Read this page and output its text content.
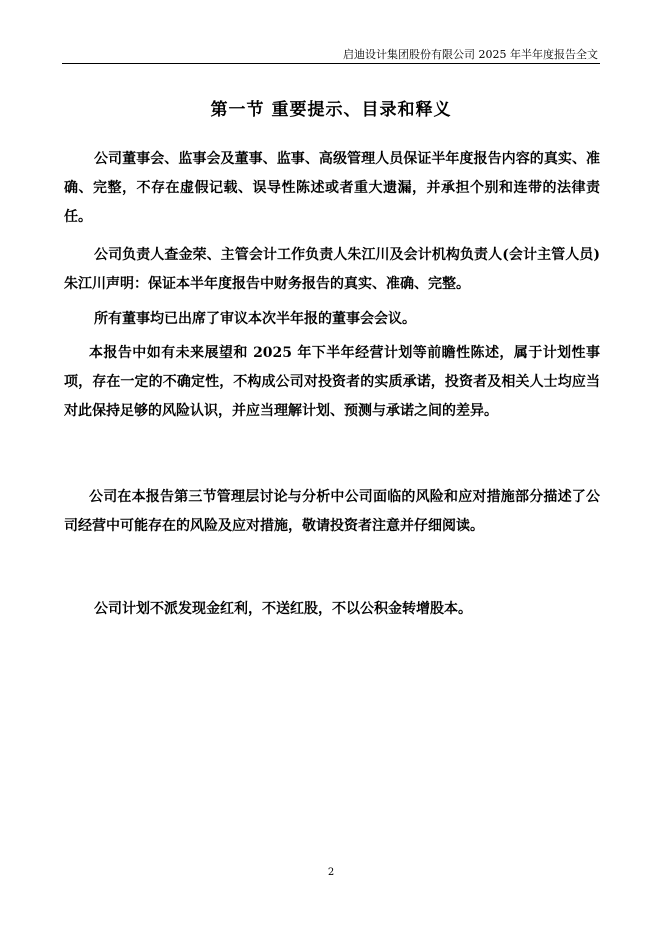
启迪设计集团股份有限公司 2025 年半年度报告全文
第一节 重要提示、目录和释义

公司董事会、监事会及董事、监事、高级管理人员保证半年度报告内容的真实、准确、完整，不存在虚假记载、误导性陈述或者重大遗漏，并承担个别和连带的法律责任。

公司负责人查金荣、主管会计工作负责人朱江川及会计机构负责人(会计主管人员)朱江川声明：保证本半年度报告中财务报告的真实、准确、完整。

所有董事均已出席了审议本次半年报的董事会会议。

本报告中如有未来展望和 2025 年下半年经营计划等前瞻性陈述，属于计划性事项，存在一定的不确定性，不构成公司对投资者的实质承诺，投资者及相关人士均应当对此保持足够的风险认识，并应当理解计划、预测与承诺之间的差异。

公司在本报告第三节管理层讨论与分析中公司面临的风险和应对措施部分描述了公司经营中可能存在的风险及应对措施，敬请投资者注意并仔细阅读。

公司计划不派发现金红利，不送红股，不以公积金转增股本。

2
